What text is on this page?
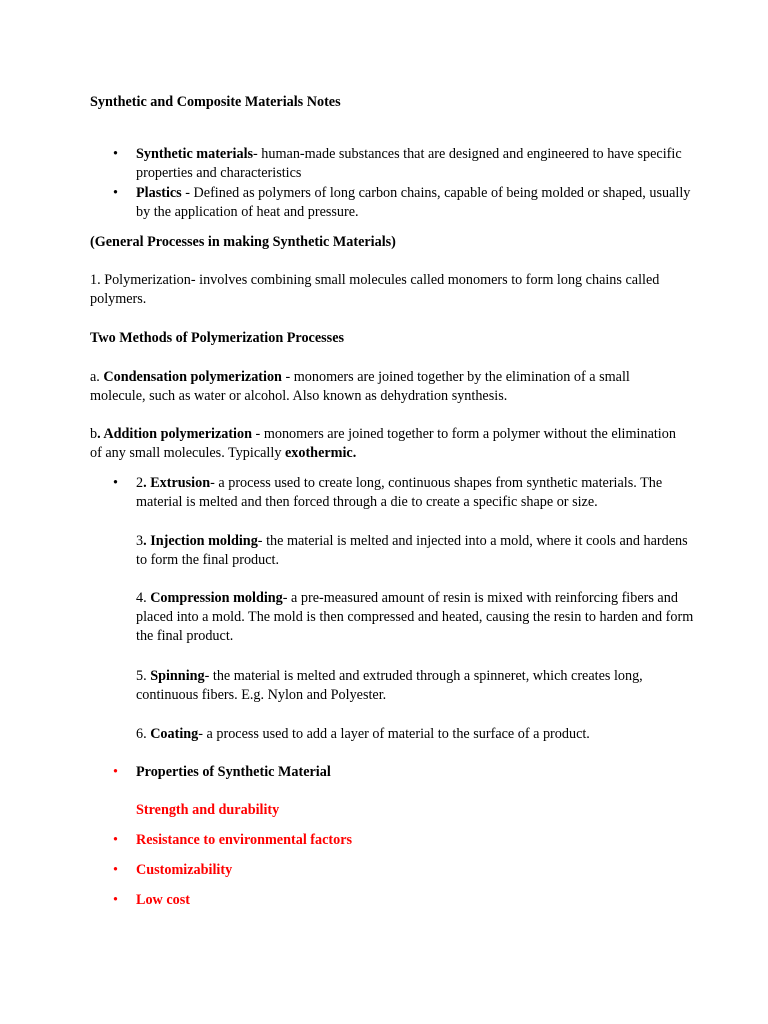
Synthetic and Composite Materials Notes

•	Synthetic materials- human-made substances that are designed and engineered to have specific properties and characteristics

•	Plastics - Defined as polymers of long carbon chains, capable of being molded or shaped, usually by the application of heat and pressure.

(General Processes in making Synthetic Materials)

1. Polymerization- involves combining small molecules called monomers to form long chains called polymers.

Two Methods of Polymerization Processes

a. Condensation polymerization - monomers are joined together by the elimination of a small molecule, such as water or alcohol. Also known as dehydration synthesis.

b. Addition polymerization - monomers are joined together to form a polymer without the elimination of any small molecules. Typically exothermic.

•	2. Extrusion- a process used to create long, continuous shapes from synthetic materials. The material is melted and then forced through a die to create a specific shape or size.

3. Injection molding- the material is melted and injected into a mold, where it cools and hardens to form the final product.

4. Compression molding- a pre-measured amount of resin is mixed with reinforcing fibers and placed into a mold. The mold is then compressed and heated, causing the resin to harden and form the final product.

5. Spinning- the material is melted and extruded through a spinneret, which creates long, continuous fibers. E.g. Nylon and Polyester.

6. Coating- a process used to add a layer of material to the surface of a product.

•	Properties of Synthetic Material

Strength and durability

•	Resistance to environmental factors

•	Customizability

•	Low cost
